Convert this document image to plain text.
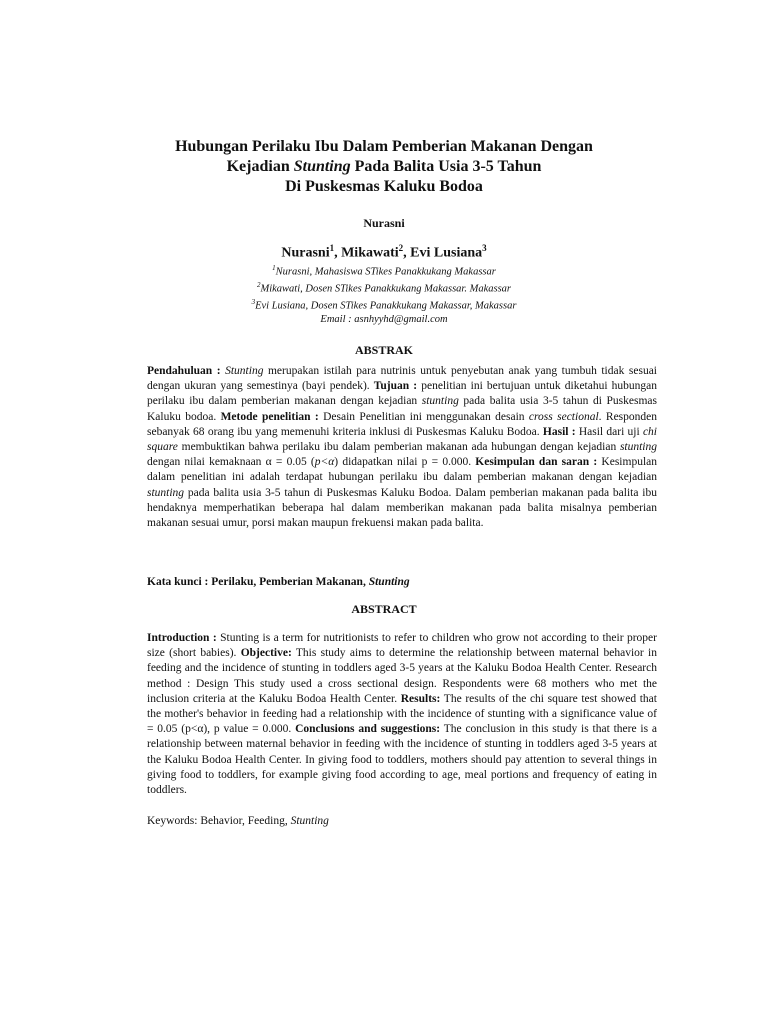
Hubungan Perilaku Ibu Dalam Pemberian Makanan Dengan
Kejadian Stunting Pada Balita Usia 3-5 Tahun
Di Puskesmas Kaluku Bodoa
Nurasni
Nurasni$^1$, Mikawati$^2$, Evi Lusiana$^3$
$^1$Nurasni, Mahasiswa STikes Panakkukang Makassar
$^2$Mikawati, Dosen STikes Panakkukang Makassar. Makassar
$^3$Evi Lusiana, Dosen STikes Panakkukang Makassar, Makassar
Email : asnhyyhd@gmail.com
ABSTRAK
Pendahuluan : Stunting merupakan istilah para nutrinis untuk penyebutan anak yang tumbuh tidak sesuai dengan ukuran yang semestinya (bayi pendek). Tujuan : penelitian ini bertujuan untuk diketahui hubungan perilaku ibu dalam pemberian makanan dengan kejadian stunting pada balita usia 3-5 tahun di Puskesmas Kaluku bodoa. Metode penelitian : Desain Penelitian ini menggunakan desain cross sectional. Responden sebanyak 68 orang ibu yang memenuhi kriteria inklusi di Puskesmas Kaluku Bodoa. Hasil : Hasil dari uji chi square membuktikan bahwa perilaku ibu dalam pemberian makanan ada hubungan dengan kejadian stunting dengan nilai kemaknaan α = 0.05 (p<α) didapatkan nilai p = 0.000. Kesimpulan dan saran : Kesimpulan dalam penelitian ini adalah terdapat hubungan perilaku ibu dalam pemberian makanan dengan kejadian stunting pada balita usia 3-5 tahun di Puskesmas Kaluku Bodoa. Dalam pemberian makanan pada balita ibu hendaknya memperhatikan beberapa hal dalam memberikan makanan pada balita misalnya pemberian makanan sesuai umur, porsi makan maupun frekuensi makan pada balita.
Kata kunci : Perilaku, Pemberian Makanan, Stunting
ABSTRACT
Introduction : Stunting is a term for nutritionists to refer to children who grow not according to their proper size (short babies). Objective: This study aims to determine the relationship between maternal behavior in feeding and the incidence of stunting in toddlers aged 3-5 years at the Kaluku Bodoa Health Center. Research method : Design This study used a cross sectional design. Respondents were 68 mothers who met the inclusion criteria at the Kaluku Bodoa Health Center. Results: The results of the chi square test showed that the mother's behavior in feeding had a relationship with the incidence of stunting with a significance value of = 0.05 (p<α), p value = 0.000. Conclusions and suggestions: The conclusion in this study is that there is a relationship between maternal behavior in feeding with the incidence of stunting in toddlers aged 3-5 years at the Kaluku Bodoa Health Center. In giving food to toddlers, mothers should pay attention to several things in giving food to toddlers, for example giving food according to age, meal portions and frequency of eating in toddlers.
Keywords: Behavior, Feeding, Stunting
